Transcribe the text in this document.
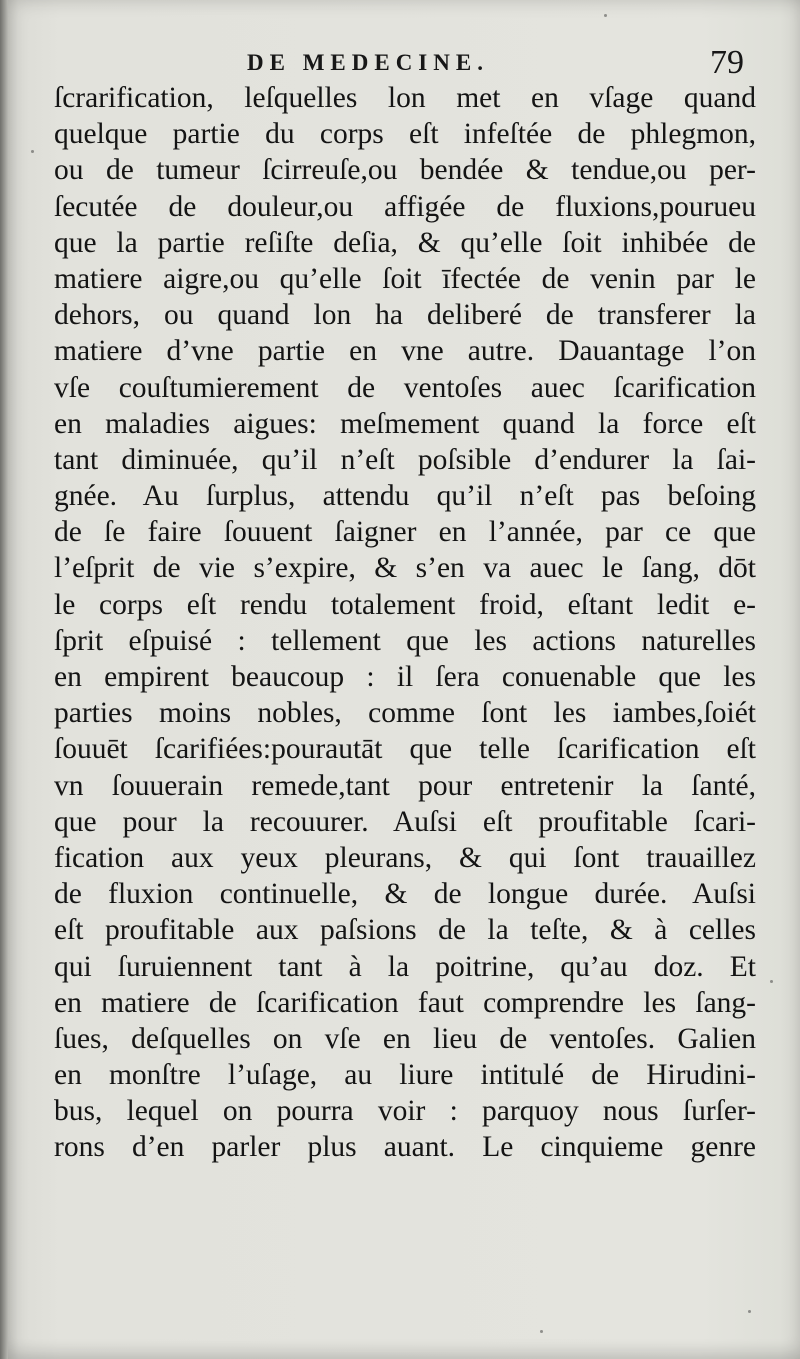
DE MEDECINE.	79
ſcrarification, leſquelles lon met en vſage quand
quelque partie du corps eſt infeſtée de phlegmon,
ou de tumeur ſcirreuſe,ou bendée & tendue,ou per-
ſecutée de douleur,ou affigée de fluxions,pourueu
que la partie reſiſte deſia, & qu’elle ſoit inhibée de
matiere aigre,ou qu’elle ſoit īfectée de venin par le
dehors, ou quand lon ha deliberé de transferer la
matiere d’vne partie en vne autre. Dauantage l’on
vſe couſtumierement de ventoſes auec ſcarification
en maladies aigues: meſmement quand la force eſt
tant diminuée, qu’il n’eſt poſsible d’endurer la ſai-
gnée. Au ſurplus, attendu qu’il n’eſt pas beſoing
de ſe faire ſouuent ſaigner en l’année, par ce que
l’eſprit de vie s’expire, & s’en va auec le ſang, dōt
le corps eſt rendu totalement froid, eſtant ledit e-
ſprit eſpuisé : tellement que les actions naturelles
en empirent beaucoup : il ſera conuenable que les
parties moins nobles, comme ſont les iambes,ſoiét
ſouuēt ſcarifiées:pourautāt que telle ſcarification eſt
vn ſouuerain remede,tant pour entretenir la ſanté,
que pour la recouurer. Auſsi eſt proufitable ſcari-
fication aux yeux pleurans, & qui ſont trauaillez
de fluxion continuelle, & de longue durée. Auſsi
eſt proufitable aux paſsions de la teſte, & à celles
qui ſuruiennent tant à la poitrine, qu’au doz. Et
en matiere de ſcarification faut comprendre les ſang-
ſues, deſquelles on vſe en lieu de ventoſes. Galien
en monſtre l’uſage, au liure intitulé de Hirudini-
bus, lequel on pourra voir : parquoy nous ſurſer-
rons d’en parler plus auant. Le cinquieme genre
